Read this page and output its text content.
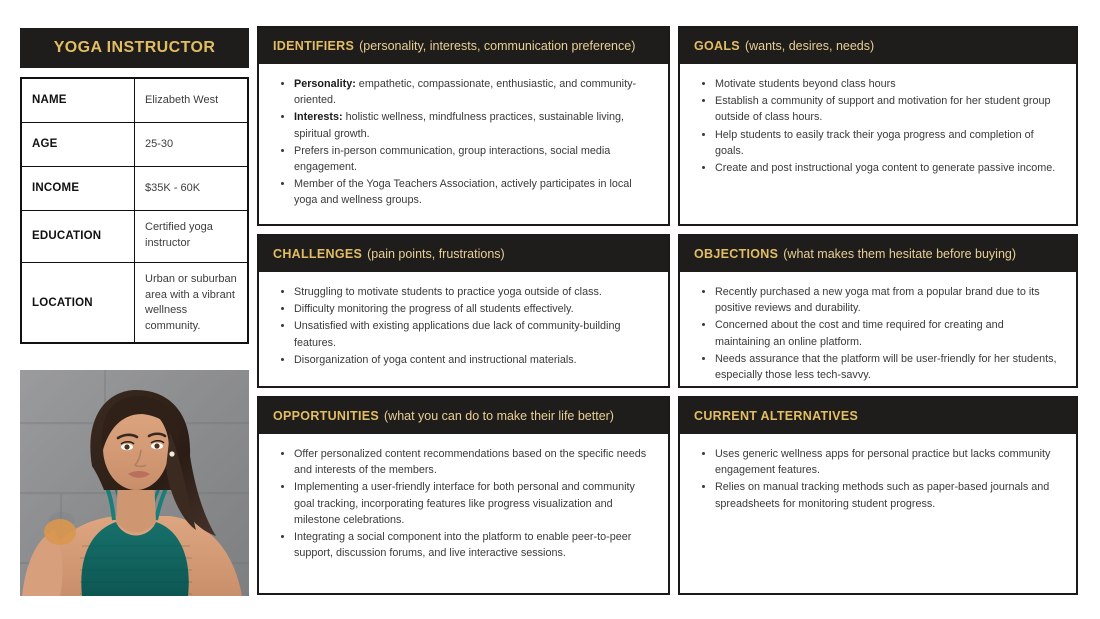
YOGA INSTRUCTOR
NAME	Elizabeth West
AGE	25-30
INCOME	$35K - 60K
EDUCATION	Certified yoga instructor
LOCATION	Urban or suburban area with a vibrant wellness community.
IDENTIFIERS (personality, interests, communication preference)
Personality: empathetic, compassionate, enthusiastic, and community-oriented.
Interests: holistic wellness, mindfulness practices, sustainable living, spiritual growth.
Prefers in-person communication, group interactions, social media engagement.
Member of the Yoga Teachers Association, actively participates in local yoga and wellness groups.
GOALS (wants, desires, needs)
Motivate students beyond class hours
Establish a community of support and motivation for her student group outside of class hours.
Help students to easily track their yoga progress and completion of goals.
Create and post instructional yoga content to generate passive income.
CHALLENGES (pain points, frustrations)
Struggling to motivate students to practice yoga outside of class.
Difficulty monitoring the progress of all students effectively.
Unsatisfied with existing applications due lack of community-building features.
Disorganization of yoga content and instructional materials.
OBJECTIONS (what makes them hesitate before buying)
Recently purchased a new yoga mat from a popular brand due to its positive reviews and durability.
Concerned about the cost and time required for creating and maintaining an online platform.
Needs assurance that the platform will be user-friendly for her students, especially those less tech-savvy.
OPPORTUNITIES (what you can do to make their life better)
Offer personalized content recommendations based on the specific needs and interests of the members.
Implementing a user-friendly interface for both personal and community goal tracking, incorporating features like progress visualization and milestone celebrations.
Integrating a social component into the platform to enable peer-to-peer support, discussion forums, and live interactive sessions.
CURRENT ALTERNATIVES
Uses generic wellness apps for personal practice but lacks community engagement features.
Relies on manual tracking methods such as paper-based journals and spreadsheets for monitoring student progress.
